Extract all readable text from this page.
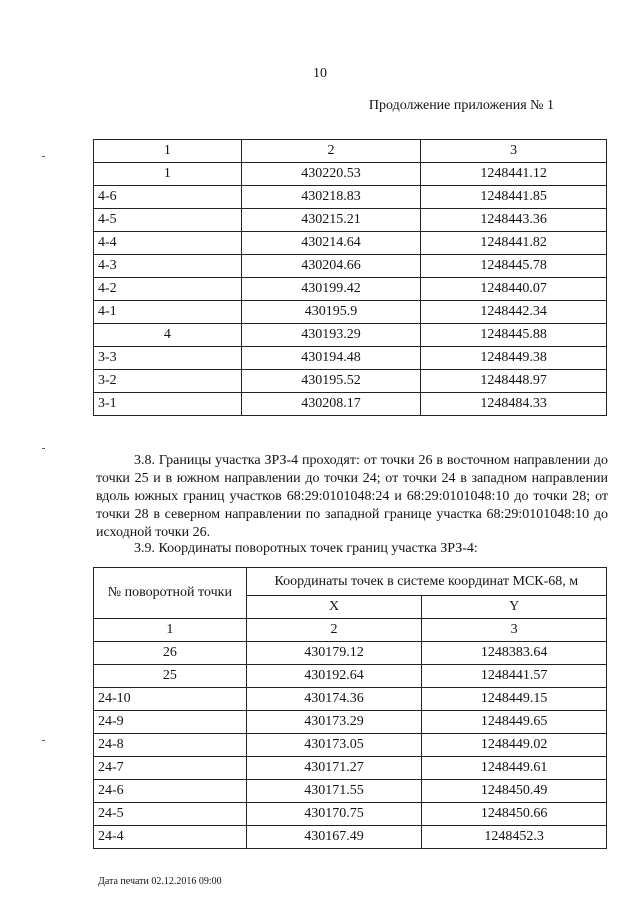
10
Продолжение приложения № 1
1	2	3
1	430220.53	1248441.12
4-6	430218.83	1248441.85
4-5	430215.21	1248443.36
4-4	430214.64	1248441.82
4-3	430204.66	1248445.78
4-2	430199.42	1248440.07
4-1	430195.9	1248442.34
4	430193.29	1248445.88
3-3	430194.48	1248449.38
3-2	430195.52	1248448.97
3-1	430208.17	1248484.33
3.8. Границы участка ЗРЗ-4 проходят: от точки 26 в восточном направлении до точки 25 и в южном направлении до точки 24; от точки 24 в западном направлении вдоль южных границ участков 68:29:0101048:24 и 68:29:0101048:10 до точки 28; от точки 28 в северном направлении по западной границе участка 68:29:0101048:10 до исходной точки 26.
3.9. Координаты поворотных точек границ участка ЗРЗ-4:
№ поворотной точки	Координаты точек в системе координат МСК-68, м	
	X	Y
1	2	3
26	430179.12	1248383.64
25	430192.64	1248441.57
24-10	430174.36	1248449.15
24-9	430173.29	1248449.65
24-8	430173.05	1248449.02
24-7	430171.27	1248449.61
24-6	430171.55	1248450.49
24-5	430170.75	1248450.66
24-4	430167.49	1248452.3
Дата печати 02.12.2016 09:00
